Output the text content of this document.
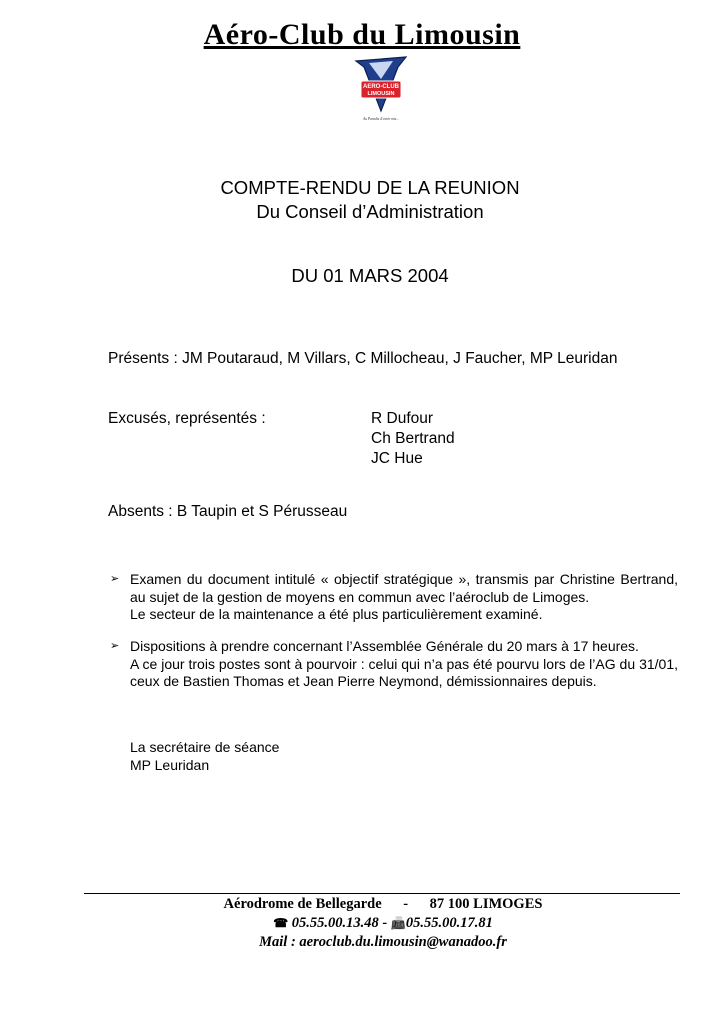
Aéro-Club du Limousin
AERO-CLUB
LIMOUSIN
Au Paradis d'avoir mis...
COMPTE-RENDU DE LA REUNION
Du Conseil d’Administration
DU 01 MARS 2004
Présents : JM Poutaraud, M Villars, C Millocheau, J Faucher, MP Leuridan
Excusés, représentés :	R Dufour
Ch Bertrand
JC Hue
Absents : B Taupin et S Pérusseau
➢ Examen du document intitulé « objectif stratégique », transmis par Christine Bertrand, au sujet de la gestion de moyens en commun avec l’aéroclub de Limoges.
Le secteur de la maintenance a été plus particulièrement examiné.
➢ Dispositions à prendre concernant l’Assemblée Générale du 20 mars à 17 heures.
A ce jour trois postes sont à pourvoir : celui qui n’a pas été pourvu lors de l’AG du 31/01, ceux de Bastien Thomas et Jean Pierre Neymond, démissionnaires depuis.
La secrétaire de séance
MP Leuridan
Aérodrome de Bellegarde - 87 100 LIMOGES
☎ 05.55.00.13.48 - 📠05.55.00.17.81
Mail : aeroclub.du.limousin@wanadoo.fr
